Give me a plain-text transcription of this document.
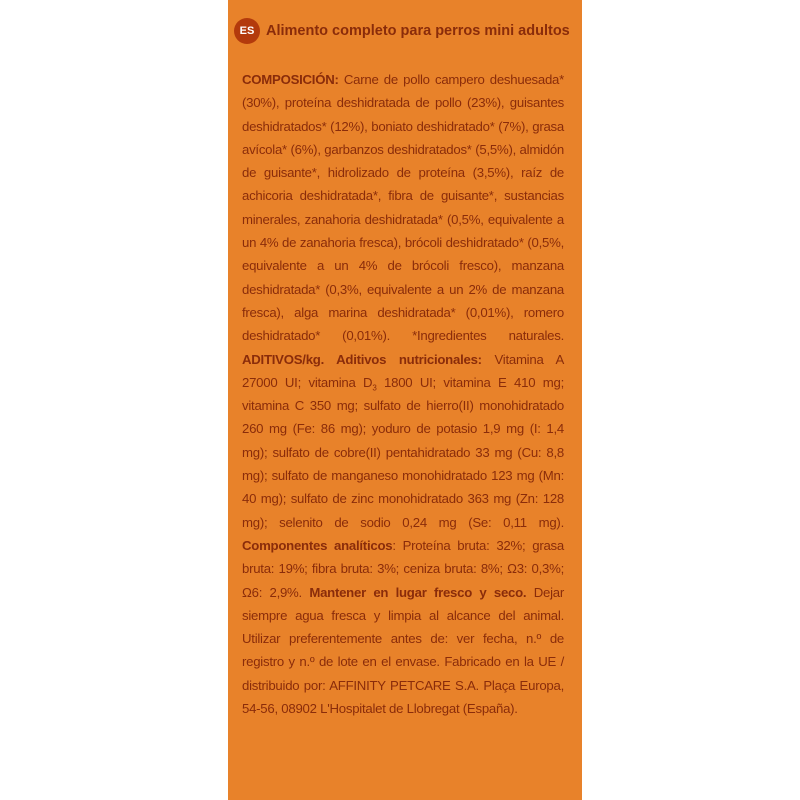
Alimento completo para perros mini adultos

ES

COMPOSICIÓN: Carne de pollo campero deshuesada* (30%), proteína deshidratada de pollo (23%), guisantes deshidratados* (12%), boniato deshidratado* (7%), grasa avícola* (6%), garbanzos deshidratados* (5,5%), almidón de guisante*, hidrolizado de proteína (3,5%), raíz de achicoria deshidratada*, fibra de guisante*, sustancias minerales, zanahoria deshidratada* (0,5%, equivalente a un 4% de zanahoria fresca), brócoli deshidratado* (0,5%, equivalente a un 4% de brócoli fresco), manzana deshidratada* (0,3%, equivalente a un 2% de manzana fresca), alga marina deshidratada* (0,01%), romero deshidratado* (0,01%). *Ingredientes naturales. ADITIVOS/kg. Aditivos nutricionales: Vitamina A 27000 UI; vitamina $D_3$ 1800 UI; vitamina E 410 mg; vitamina C 350 mg; sulfato de hierro(II) monohidratado 260 mg (Fe: 86 mg); yoduro de potasio 1,9 mg (I: 1,4 mg); sulfato de cobre(II) pentahidratado 33 mg (Cu: 8,8 mg); sulfato de manganeso monohidratado 123 mg (Mn: 40 mg); sulfato de zinc monohidratado 363 mg (Zn: 128 mg); selenito de sodio 0,24 mg (Se: 0,11 mg). Componentes analíticos: Proteína bruta: 32%; grasa bruta: 19%; fibra bruta: 3%; ceniza bruta: 8%; Ω3: 0,3%; Ω6: 2,9%. Mantener en lugar fresco y seco. Dejar siempre agua fresca y limpia al alcance del animal. Utilizar preferentemente antes de: ver fecha, n.º de registro y n.º de lote en el envase. Fabricado en la UE / distribuido por: AFFINITY PETCARE S.A. Plaça Europa, 54-56, 08902 L'Hospitalet de Llobregat (España).
